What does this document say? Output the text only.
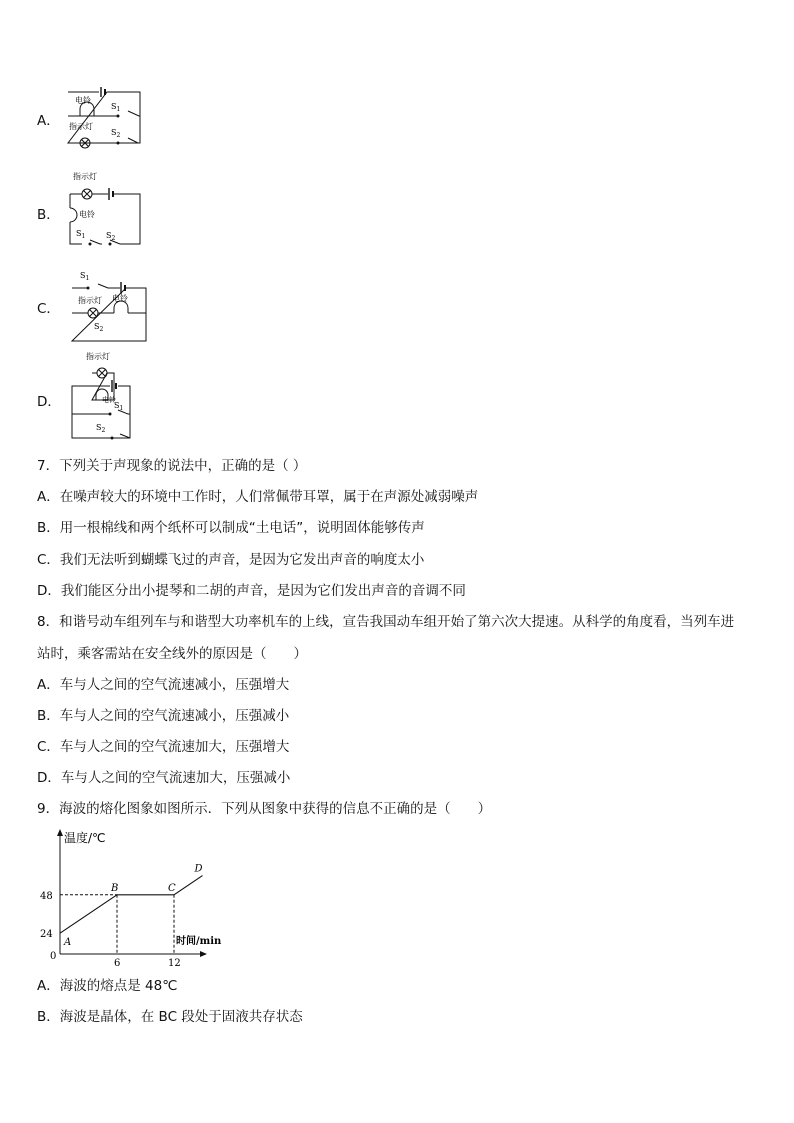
A．
电铃
指示灯
$S_1$
$S_2$
B．
指示灯
电铃
$S_1$	$S_2$
C．
$S_1$
指示灯 电铃
$S_2$
D．
指示灯
电铃
$S_1$
$S_2$
7．下列关于声现象的说法中，正确的是（ ）
A．在噪声较大的环境中工作时，人们常佩带耳罩，属于在声源处减弱噪声
B．用一根棉线和两个纸杯可以制成“土电话”，说明固体能够传声
C．我们无法听到蝴蝶飞过的声音，是因为它发出声音的响度太小
D．我们能区分出小提琴和二胡的声音，是因为它们发出声音的音调不同
8．和谐号动车组列车与和谐型大功率机车的上线，宣告我国动车组开始了第六次大提速。从科学的角度看，当列车进
站时，乘客需站在安全线外的原因是（　　）
A．车与人之间的空气流速减小，压强增大
B．车与人之间的空气流速减小，压强减小
C．车与人之间的空气流速加大，压强增大
D．车与人之间的空气流速加大，压强减小
9．海波的熔化图象如图所示．下列从图象中获得的信息不正确的是（　　）
温度/℃
时间/min
0
A
B	C
D
24
48
6	12
A．海波的熔点是 48℃
B．海波是晶体，在 BC 段处于固液共存状态
